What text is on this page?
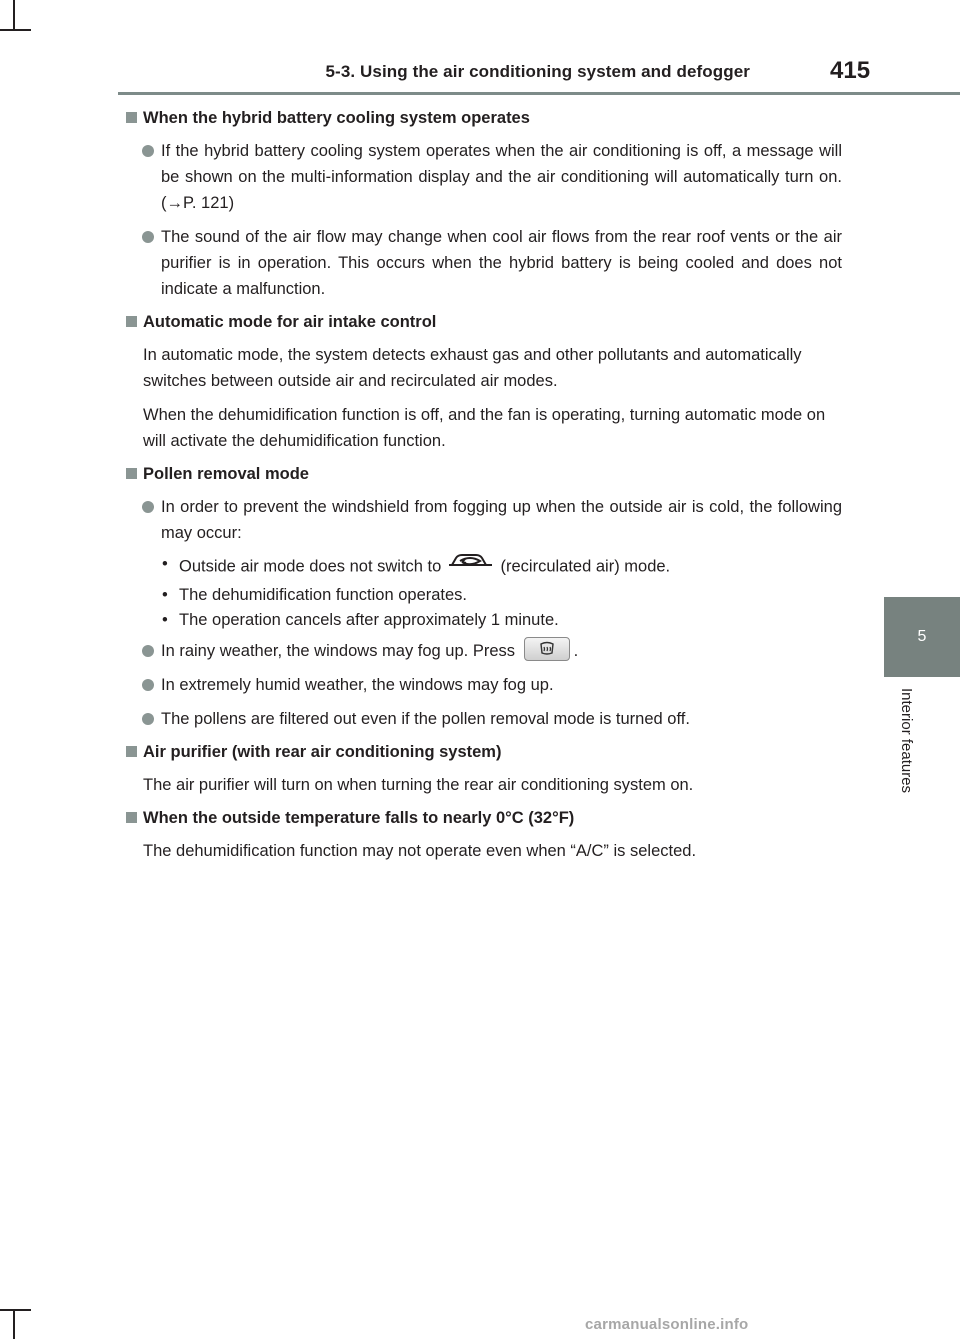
5-3. Using the air conditioning system and defogger	415
5
Interior features
When the hybrid battery cooling system operates
If the hybrid battery cooling system operates when the air conditioning is off, a message will be shown on the multi-information display and the air conditioning will automatically turn on. (→P. 121)
The sound of the air flow may change when cool air flows from the rear roof vents or the air purifier is in operation. This occurs when the hybrid battery is being cooled and does not indicate a malfunction.
Automatic mode for air intake control
In automatic mode, the system detects exhaust gas and other pollutants and automatically switches between outside air and recirculated air modes.
When the dehumidification function is off, and the fan is operating, turning automatic mode on will activate the dehumidification function.
Pollen removal mode
In order to prevent the windshield from fogging up when the outside air is cold, the following may occur:
• Outside air mode does not switch to	(recirculated air) mode.
• The dehumidification function operates.
• The operation cancels after approximately 1 minute.
In rainy weather, the windows may fog up. Press	.
In extremely humid weather, the windows may fog up.
The pollens are filtered out even if the pollen removal mode is turned off.
Air purifier (with rear air conditioning system)
The air purifier will turn on when turning the rear air conditioning system on.
When the outside temperature falls to nearly 0°C (32°F)
The dehumidification function may not operate even when “A/C” is selected.
carmanualsonline.info
